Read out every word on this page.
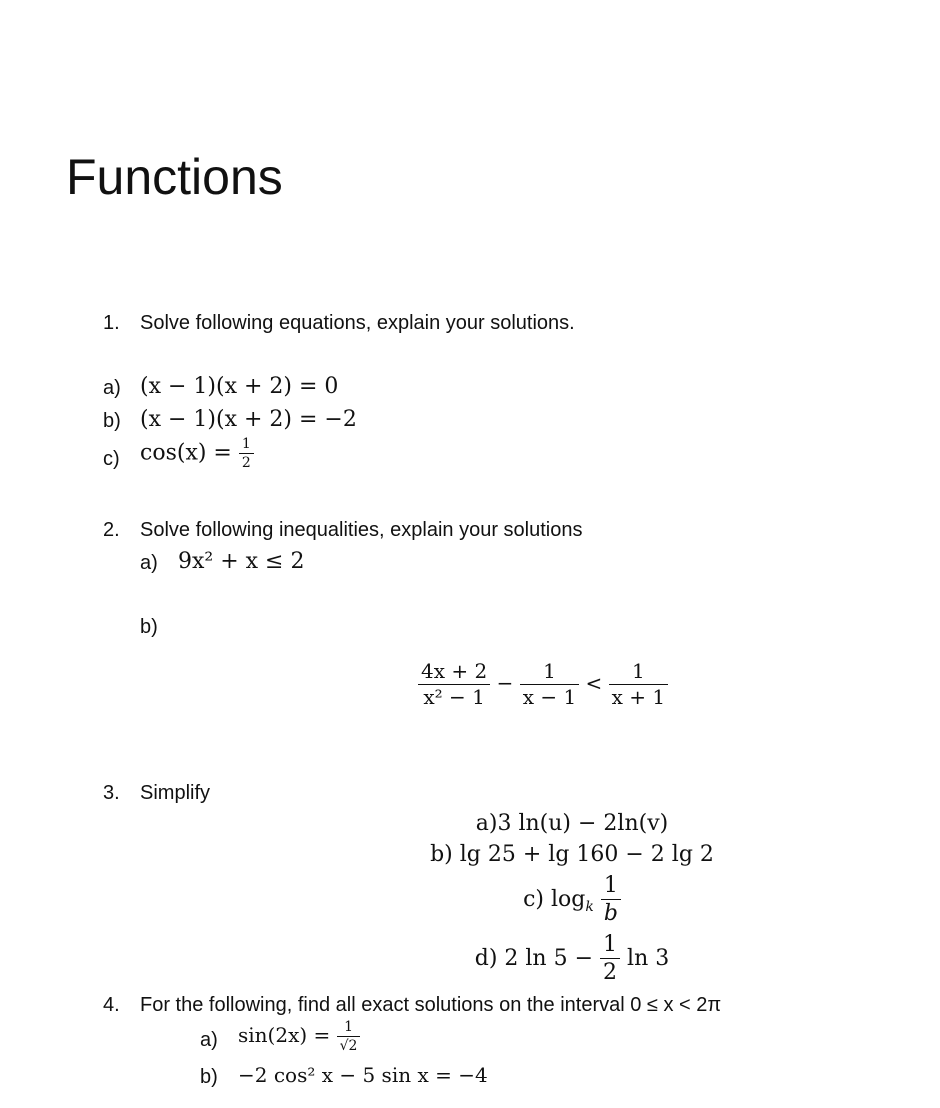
Functions
1. Solve following equations, explain your solutions.
a) (x − 1)(x + 2) = 0
b) (x − 1)(x + 2) = −2
c) $\cos(x) = \frac{1}{2}$
2. Solve following inequalities, explain your solutions
a) 9x² + x ≤ 2
b)
$\frac{4x + 2}{\text{x² − 1}} - \frac{1}{x - 1} < \frac{1}{x + 1}$
3. Simplify
a)3 ln(u) − 2ln(v)
b) lg 25 + lg 160 − 2 lg 2
c) $\log_k \frac{1}{b}$
d) 2 $\ln 5 - \frac{1}{2}$ ln 3
4. For the following, find all exact solutions on the interval 0 ≤ x < 2π
a) $\sin(2x) = \frac{1}{√2}$
b) −2 cos² x − 5 sin x = −4
